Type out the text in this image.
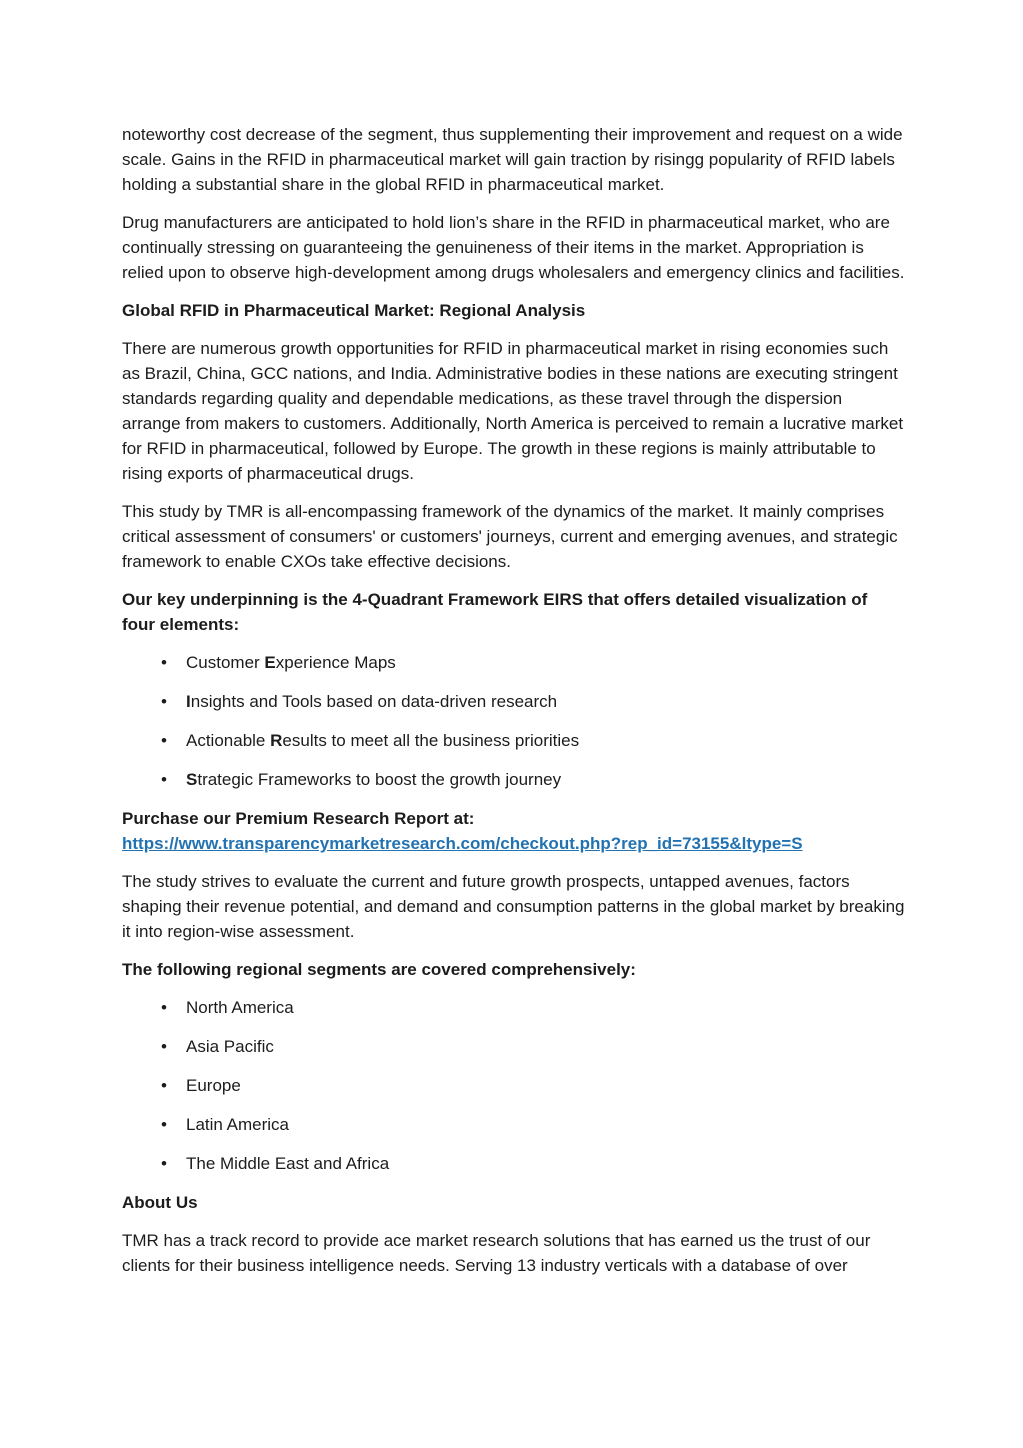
noteworthy cost decrease of the segment, thus supplementing their improvement and request on a wide scale. Gains in the RFID in pharmaceutical market will gain traction by risingg popularity of RFID labels holding a substantial share in the global RFID in pharmaceutical market.

Drug manufacturers are anticipated to hold lion’s share in the RFID in pharmaceutical market, who are continually stressing on guaranteeing the genuineness of their items in the market. Appropriation is relied upon to observe high-development among drugs wholesalers and emergency clinics and facilities.

Global RFID in Pharmaceutical Market: Regional Analysis

There are numerous growth opportunities for RFID in pharmaceutical market in rising economies such as Brazil, China, GCC nations, and India. Administrative bodies in these nations are executing stringent standards regarding quality and dependable medications, as these travel through the dispersion arrange from makers to customers. Additionally, North America is perceived to remain a lucrative market for RFID in pharmaceutical, followed by Europe. The growth in these regions is mainly attributable to rising exports of pharmaceutical drugs.

This study by TMR is all-encompassing framework of the dynamics of the market. It mainly comprises critical assessment of consumers' or customers' journeys, current and emerging avenues, and strategic framework to enable CXOs take effective decisions.

Our key underpinning is the 4-Quadrant Framework EIRS that offers detailed visualization of four elements:

• Customer Experience Maps
• Insights and Tools based on data-driven research
• Actionable Results to meet all the business priorities
• Strategic Frameworks to boost the growth journey

Purchase our Premium Research Report at:
https://www.transparencymarketresearch.com/checkout.php?rep_id=73155&ltype=S

The study strives to evaluate the current and future growth prospects, untapped avenues, factors shaping their revenue potential, and demand and consumption patterns in the global market by breaking it into region-wise assessment.

The following regional segments are covered comprehensively:

• North America
• Asia Pacific
• Europe
• Latin America
• The Middle East and Africa

About Us

TMR has a track record to provide ace market research solutions that has earned us the trust of our clients for their business intelligence needs. Serving 13 industry verticals with a database of over
